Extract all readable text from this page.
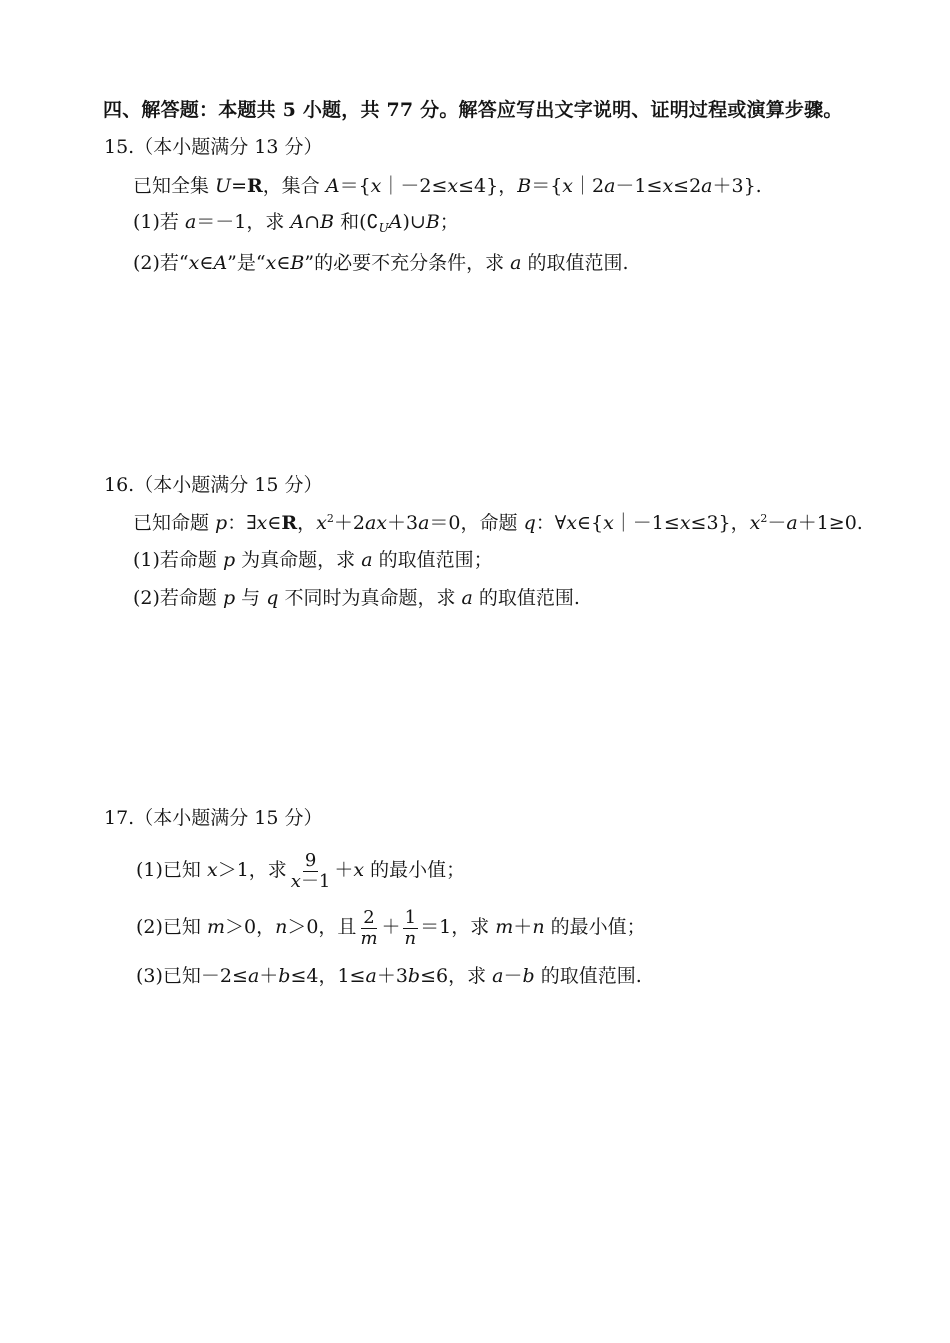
四、解答题：本题共 5 小题，共 77 分。解答应写出文字说明、证明过程或演算步骤。
15.（本小题满分 13 分）
已知全集 U=R，集合 A＝{x｜－2≤x≤4}，B＝{x｜2a－1≤x≤2a＋3}.
(1)若 a＝－1，求 A∩B 和$(∁_UA)\cup B$；
(2)若“x∈A”是“x∈B”的必要不充分条件，求 a 的取值范围.
16.（本小题满分 15 分）
已知命题 p：∃x∈R，$x^2+2ax+3a=0$，命题 q：∀x∈{x｜－1≤x≤3}，$x^2-a+1\ge 0$.
(1)若命题 p 为真命题，求 a 的取值范围；
(2)若命题 p 与 q 不同时为真命题，求 a 的取值范围.
17.（本小题满分 15 分）
(1)已知 x＞1，求 $\frac{9}{x-1} +x$ 的最小值；
(2)已知 m＞0，n＞0，且 $\frac{2}{m} + \frac{1}{n} =1$，求 m＋n 的最小值；
(3)已知－2≤a＋b≤4，1≤a＋3b≤6，求 a－b 的取值范围.
